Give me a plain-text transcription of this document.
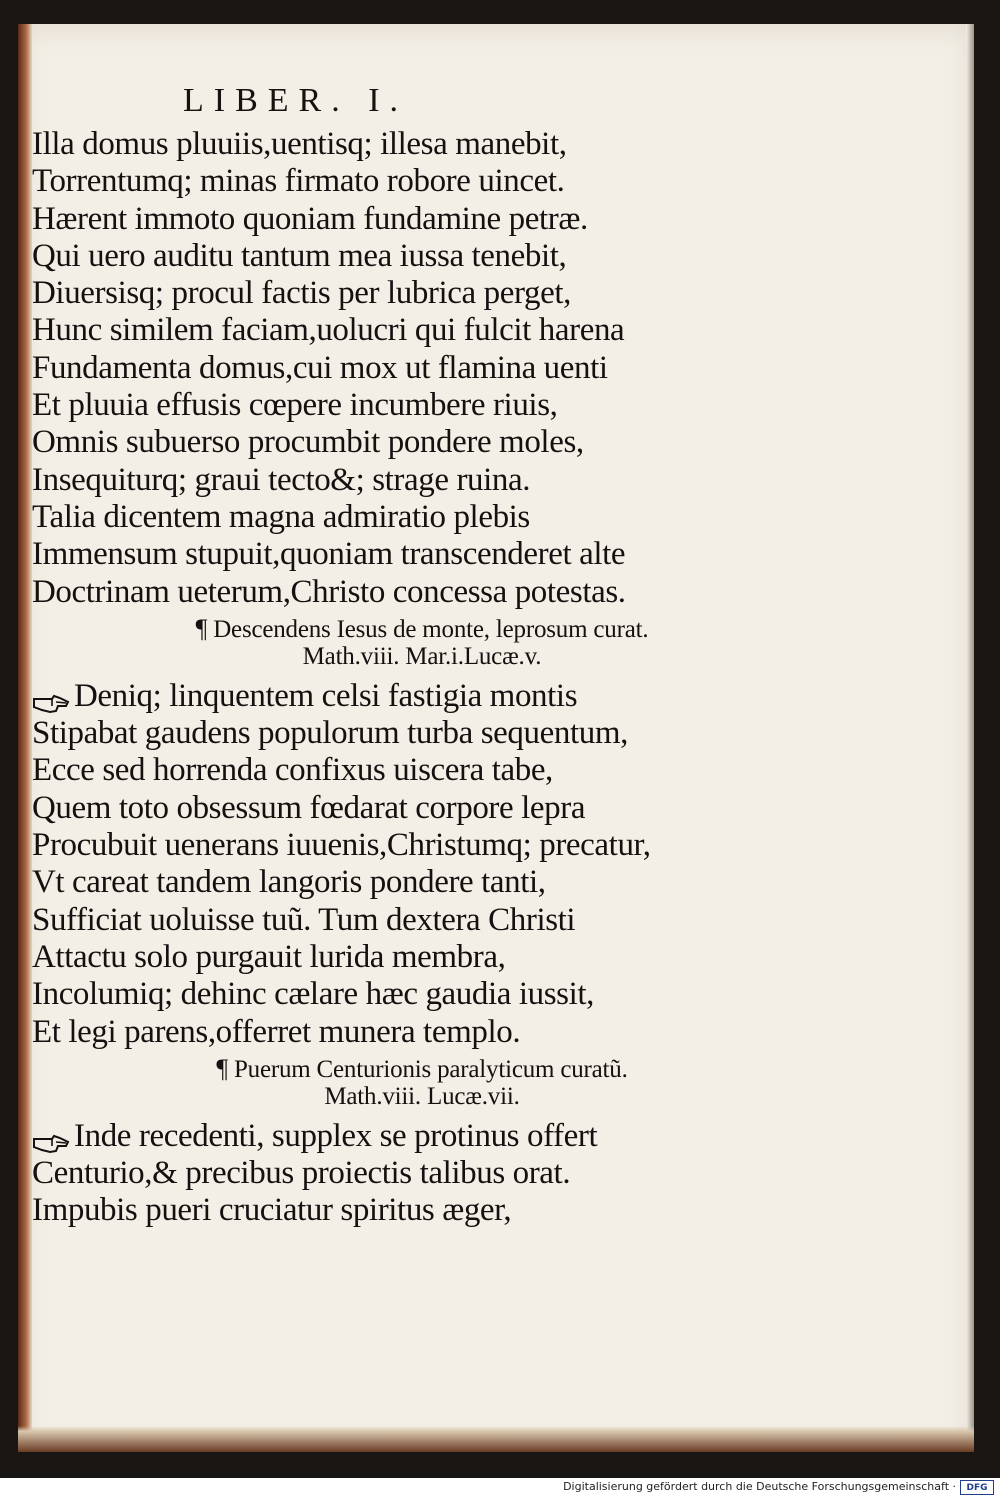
LIBER. I.

Illa domus pluuiis,uentisq; illesa manebit,

Torrentumq; minas firmato robore uincet.

Hærent immoto quoniam fundamine petræ.

Qui uero auditu tantum mea iussa tenebit,

Diuersisq; procul factis per lubrica perget,

Hunc similem faciam,uolucri qui fulcit harena

Fundamenta domus,cui mox ut flamina uenti

Et pluuia effusis cœpere incumbere riuis,

Omnis subuerso procumbit pondere moles,

Insequiturq; graui tecto&; strage ruina.

Talia dicentem magna admiratio plebis

Immensum stupuit,quoniam transcenderet alte

Doctrinam ueterum,Christo concessa potestas.

¶ Descendens Iesus de monte, leprosum curat.

Math.viii. Mar.i.Lucæ.v.

Deniq; linquentem celsi fastigia montis

Stipabat gaudens populorum turba sequentum,

Ecce sed horrenda confixus uiscera tabe,

Quem toto obsessum fœdarat corpore lepra

Procubuit uenerans iuuenis,Christumq; precatur,

Vt careat tandem langoris pondere tanti,

Sufficiat uoluisse tuũ. Tum dextera Christi

Attactu solo purgauit lurida membra,

Incolumiq; dehinc cælare hæc gaudia iussit,

Et legi parens,offerret munera templo.

¶ Puerum Centurionis paralyticum curatũ.

Math.viii. Lucæ.vii.

Inde recedenti, supplex se protinus offert

Centurio,& precibus proiectis talibus orat.

Impubis pueri cruciatur spiritus æger,

Digitalisierung gefördert durch die Deutsche Forschungsgemeinschaft ·	DFG
